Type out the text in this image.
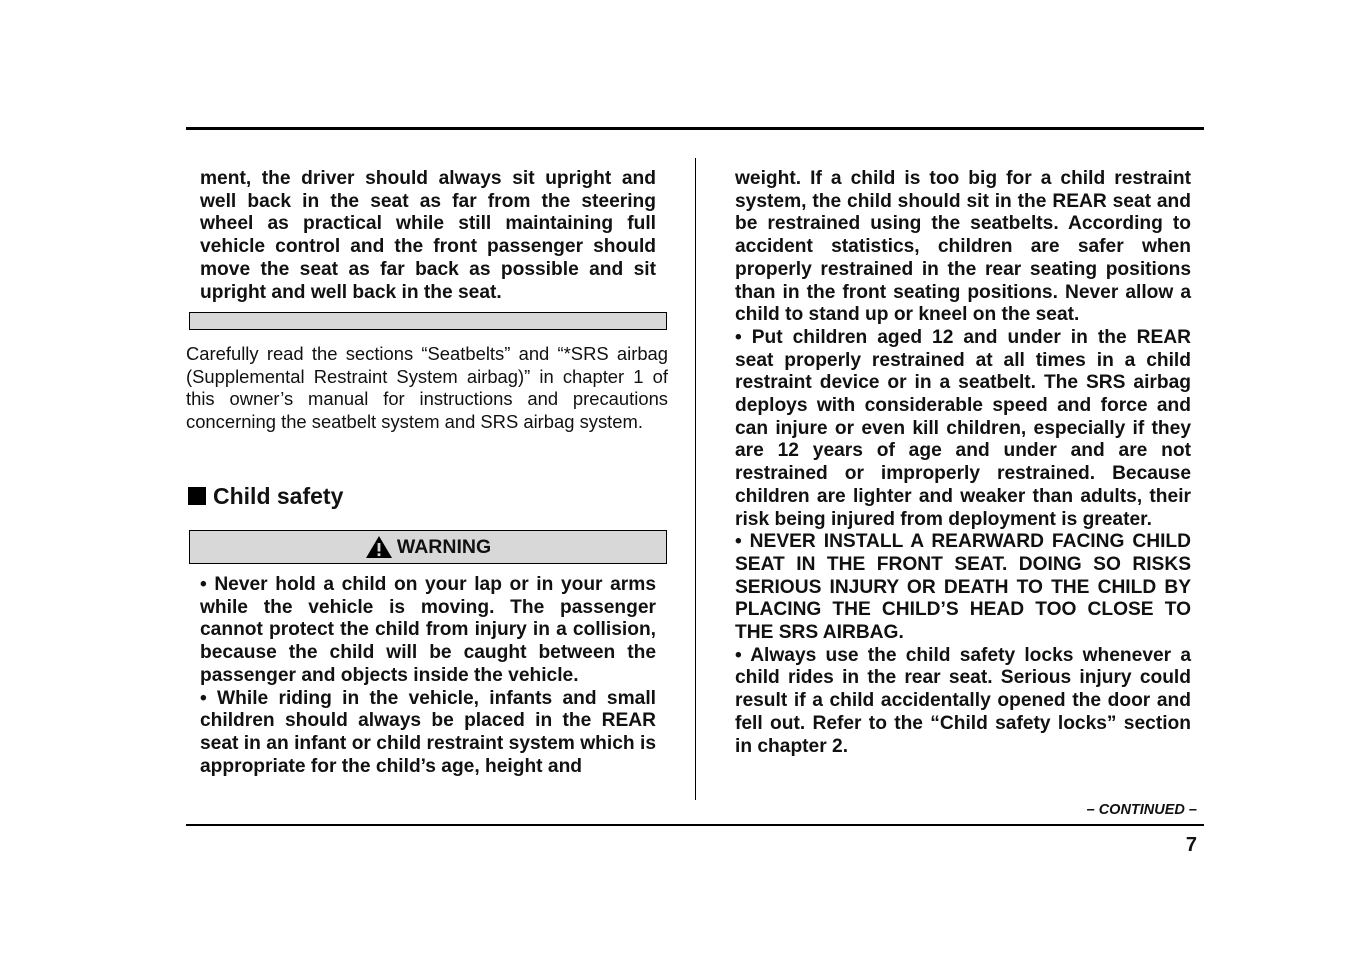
ment, the driver should always sit upright and well back in the seat as far from the steering wheel as practical while still maintaining full vehicle control and the front passenger should move the seat as far back as possible and sit upright and well back in the seat.

Carefully read the sections “Seatbelts” and “*SRS airbag (Supplemental Restraint System airbag)” in chapter 1 of this owner’s manual for instructions and precautions concerning the seatbelt system and SRS airbag system.
Child safety
WARNING

• Never hold a child on your lap or in your arms while the vehicle is moving. The passenger cannot protect the child from injury in a collision, because the child will be caught between the passenger and objects inside the vehicle.

• While riding in the vehicle, infants and small children should always be placed in the REAR seat in an infant or child restraint system which is appropriate for the child’s age, height and

weight. If a child is too big for a child restraint system, the child should sit in the REAR seat and be restrained using the seatbelts. According to accident statistics, children are safer when properly restrained in the rear seating positions than in the front seating positions. Never allow a child to stand up or kneel on the seat.

• Put children aged 12 and under in the REAR seat properly restrained at all times in a child restraint device or in a seatbelt. The SRS airbag deploys with considerable speed and force and can injure or even kill children, especially if they are 12 years of age and under and are not restrained or improperly restrained. Because children are lighter and weaker than adults, their risk being injured from deployment is greater.

• NEVER INSTALL A REARWARD FACING CHILD SEAT IN THE FRONT SEAT. DOING SO RISKS SERIOUS INJURY OR DEATH TO THE CHILD BY PLACING THE CHILD’S HEAD TOO CLOSE TO THE SRS AIRBAG.

• Always use the child safety locks whenever a child rides in the rear seat. Serious injury could result if a child accidentally opened the door and fell out. Refer to the “Child safety locks” section in chapter 2.

– CONTINUED –
7
